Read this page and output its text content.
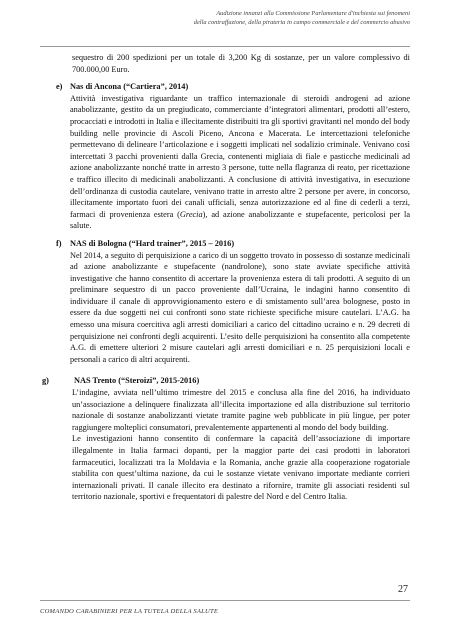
Audizione innanzi alla Commissione Parlamentare d'inchiesta sui fenomeni
della contraffazione, della pirateria in campo commerciale e del commercio abusivo

sequestro di 200 spedizioni per un totale di 3,200 Kg di sostanze, per un valore complessivo di 700.000,00 Euro.

e) Nas di Ancona (“Cartiera”, 2014)

Attività investigativa riguardante un traffico internazionale di steroidi androgeni ad azione anabolizzante, gestito da un pregiudicato, commerciante d’integratori alimentari, prodotti all’estero, procacciati e introdotti in Italia e illecitamente distribuiti tra gli sportivi gravitanti nel mondo del body building nelle provincie di Ascoli Piceno, Ancona e Macerata. Le intercettazioni telefoniche permettevano di delineare l’articolazione e i soggetti implicati nel sodalizio criminale. Venivano così intercettati 3 pacchi provenienti dalla Grecia, contenenti migliaia di fiale e pasticche medicinali ad azione anabolizzante nonché tratte in arresto 3 persone, tutte nella flagranza di reato, per ricettazione e traffico illecito di medicinali anabolizzanti. A conclusione di attività investigativa, in esecuzione dell’ordinanza di custodia cautelare, venivano tratte in arresto altre 2 persone per avere, in concorso, illecitamente importato fuori dei canali ufficiali, senza autorizzazione ed al fine di cederli a terzi, farmaci di provenienza estera (Grecia), ad azione anabolizzante e stupefacente, pericolosi per la salute.

f)	NAS di Bologna (“Hard trainer”, 2015 – 2016)

Nel 2014, a seguito di perquisizione a carico di un soggetto trovato in possesso di sostanze medicinali ad azione anabolizzante e stupefacente (nandrolone), sono state avviate specifiche attività investigative che hanno consentito di accertare la provenienza estera di tali prodotti. A seguito di un preliminare sequestro di un pacco proveniente dall’Ucraina, le indagini hanno consentito di individuare il canale di approvvigionamento estero e di smistamento sull’area bolognese, posto in essere da due soggetti nei cui confronti sono state richieste specifiche misure cautelari. L’A.G. ha emesso una misura coercitiva agli arresti domiciliari a carico del cittadino ucraino e n. 29 decreti di perquisizione nei confronti degli acquirenti. L’esito delle perquisizioni ha consentito alla competente A.G. di emettere ulteriori 2 misure cautelari agli arresti domiciliari e n. 25 perquisizioni locali e personali a carico di altri acquirenti.

g)	NAS Trento (“Steroizi”, 2015-2016)

L’indagine, avviata nell’ultimo trimestre del 2015 e conclusa alla fine del 2016, ha individuato un’associazione a delinquere finalizzata all’illecita importazione ed alla distribuzione sul territorio nazionale di sostanze anabolizzanti vietate tramite pagine web pubblicate in più lingue, per poter raggiungere molteplici consumatori, prevalentemente appartenenti al mondo del body building.

Le investigazioni hanno consentito di confermare la capacità dell’associazione di importare illegalmente in Italia farmaci dopanti, per la maggior parte dei casi prodotti in laboratori farmaceutici, localizzati tra la Moldavia e la Romania, anche grazie alla cooperazione rogatoriale stabilita con quest’ultima nazione, da cui le sostanze vietate venivano importate mediante corrieri internazionali privati. Il canale illecito era destinato a rifornire, tramite gli associati residenti sul territorio nazionale, sportivi e frequentatori di palestre del Nord e del Centro Italia.

27
COMANDO CARABINIERI PER LA TUTELA DELLA SALUTE
